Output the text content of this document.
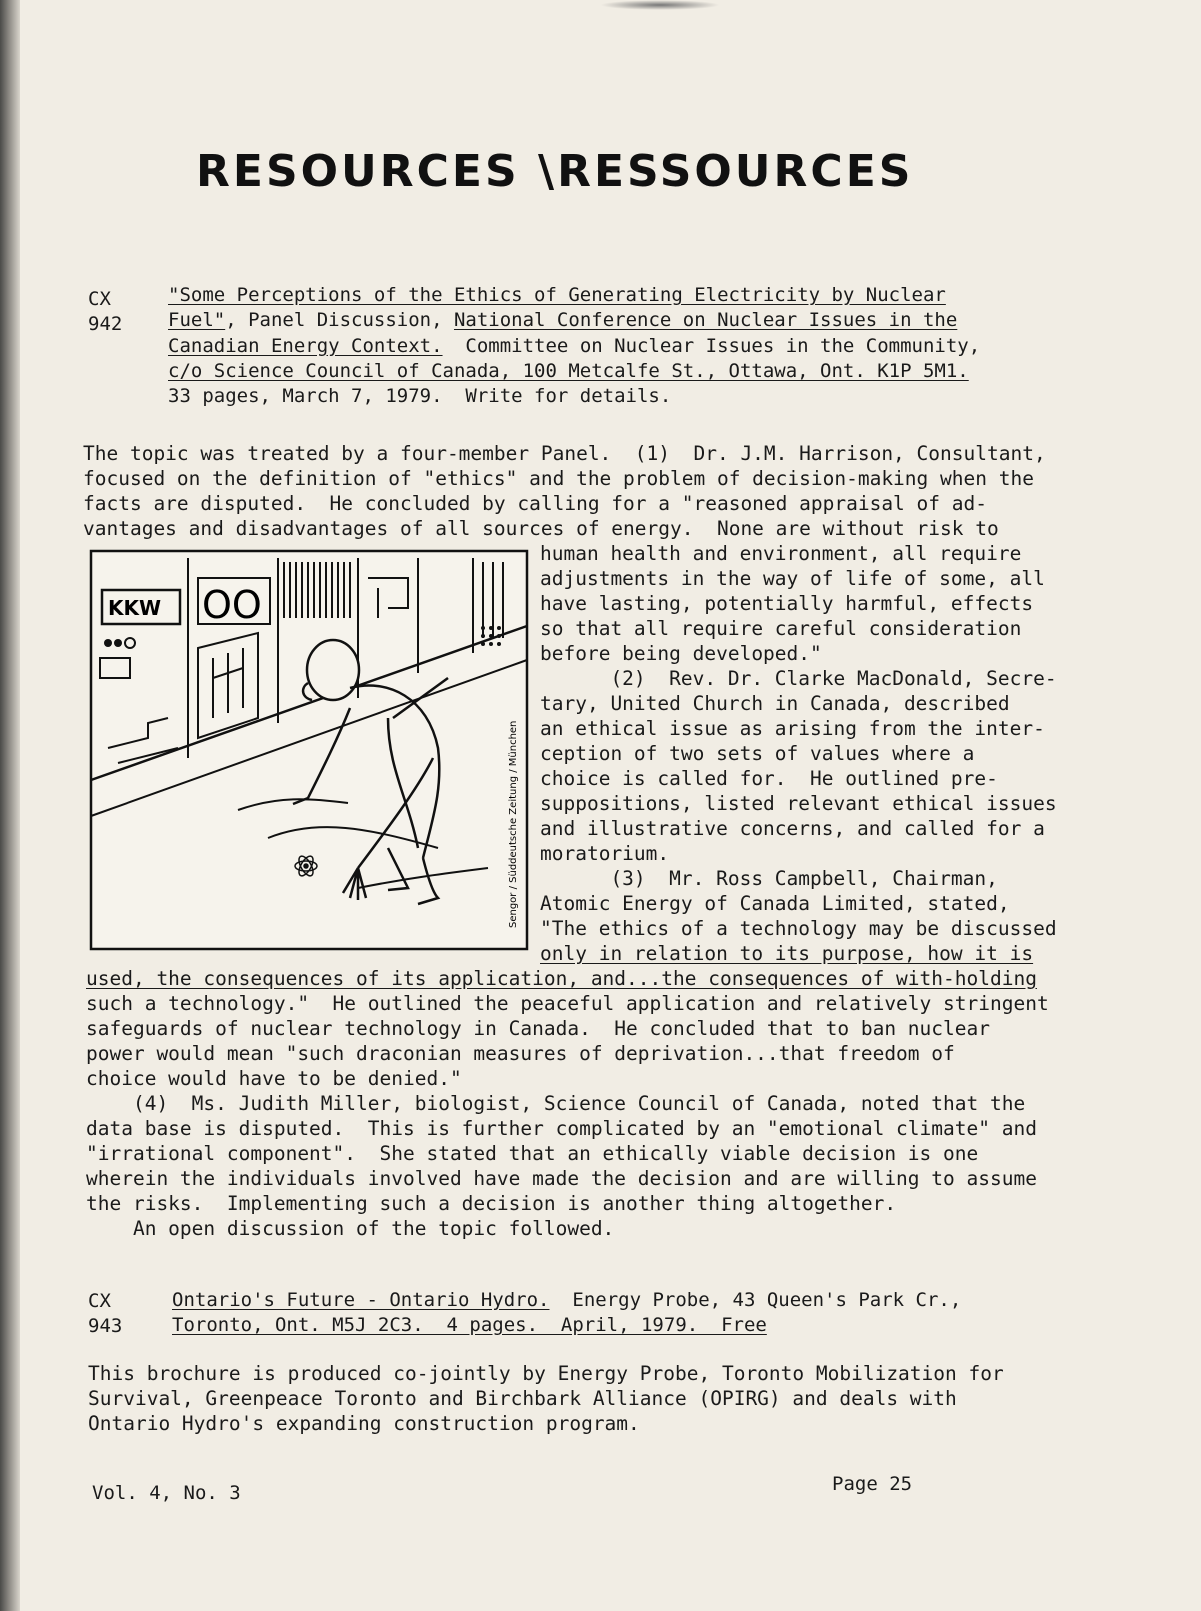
RESOURCES \RESSOURCES
CX
942
"Some Perceptions of the Ethics of Generating Electricity by Nuclear
Fuel", Panel Discussion, National Conference on Nuclear Issues in the
Canadian Energy Context.  Committee on Nuclear Issues in the Community,
c/o Science Council of Canada, 100 Metcalfe St., Ottawa, Ont. K1P 5M1.
33 pages, March 7, 1979.  Write for details.
The topic was treated by a four-member Panel.  (1)  Dr. J.M. Harrison, Consultant,
focused on the definition of "ethics" and the problem of decision-making when the
facts are disputed.  He concluded by calling for a "reasoned appraisal of ad-
vantages and disadvantages of all sources of energy.  None are without risk to
human health and environment, all require
adjustments in the way of life of some, all
have lasting, potentially harmful, effects
so that all require careful consideration
before being developed."
(2)  Rev. Dr. Clarke MacDonald, Secre-
tary, United Church in Canada, described
an ethical issue as arising from the inter-
ception of two sets of values where a
choice is called for.  He outlined pre-
suppositions, listed relevant ethical issues
and illustrative concerns, and called for a
moratorium.
(3)  Mr. Ross Campbell, Chairman,
Atomic Energy of Canada Limited, stated,
"The ethics of a technology may be discussed
only in relation to its purpose, how it is
used, the consequences of its application, and...the consequences of with-holding
such a technology."  He outlined the peaceful application and relatively stringent
safeguards of nuclear technology in Canada.  He concluded that to ban nuclear
power would mean "such draconian measures of deprivation...that freedom of
choice would have to be denied."
(4)  Ms. Judith Miller, biologist, Science Council of Canada, noted that the
data base is disputed.  This is further complicated by an "emotional climate" and
"irrational component".  She stated that an ethically viable decision is one
wherein the individuals involved have made the decision and are willing to assume
the risks.  Implementing such a decision is another thing altogether.
An open discussion of the topic followed.
KKW OO
Sengor / Süddeutsche Zeitung / München
CX
943
Ontario's Future - Ontario Hydro.  Energy Probe, 43 Queen's Park Cr.,
Toronto, Ont. M5J 2C3.  4 pages.  April, 1979.  Free
This brochure is produced co-jointly by Energy Probe, Toronto Mobilization for
Survival, Greenpeace Toronto and Birchbark Alliance (OPIRG) and deals with
Ontario Hydro's expanding construction program.
Vol. 4, No. 3	Page 25
